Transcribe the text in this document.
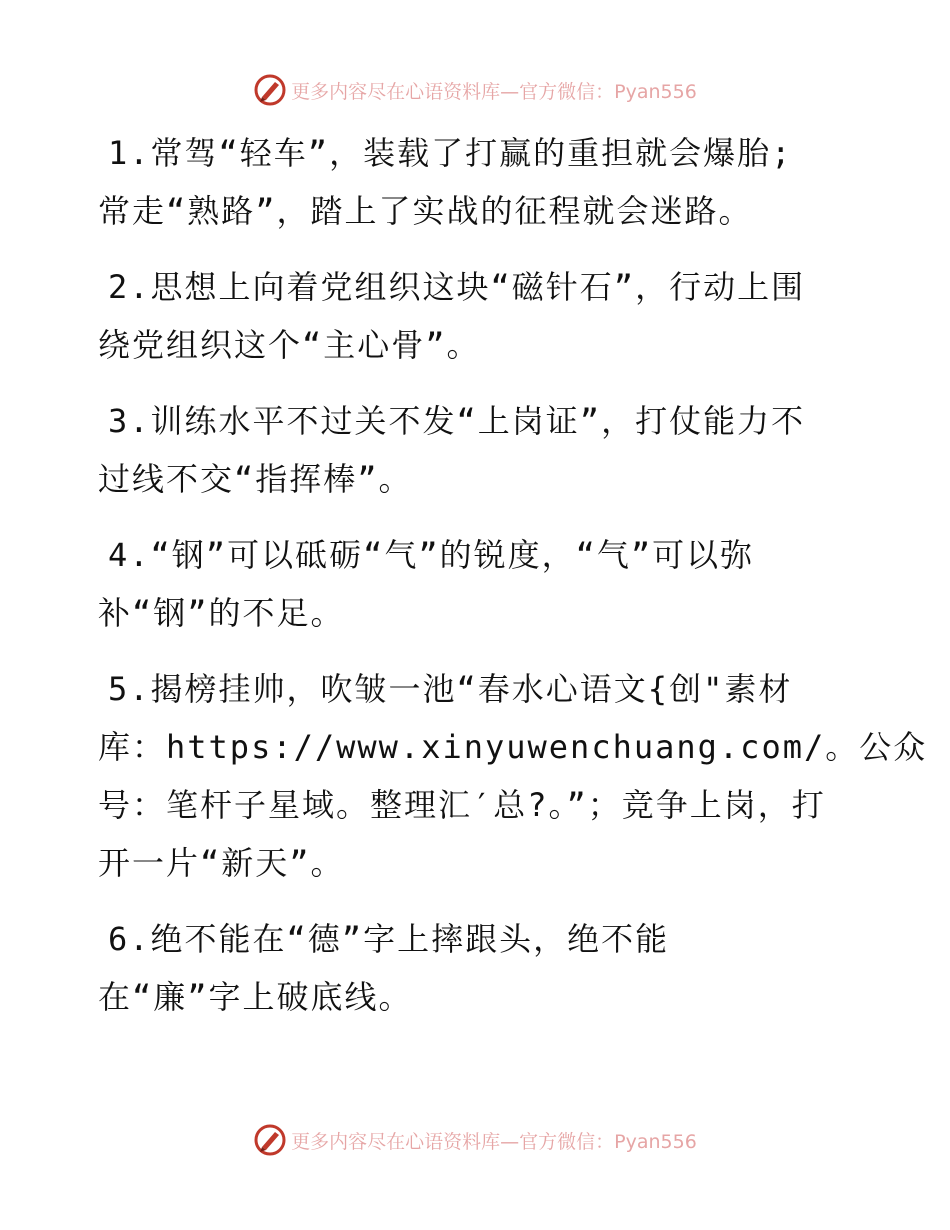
更多内容尽在心语资料库—官方微信：Pyan556
1.常驾“轻车”，装载了打赢的重担就会爆胎;
常走“熟路”，踏上了实战的征程就会迷路。
2.思想上向着党组织这块“磁针石”，行动上围
绕党组织这个“主心骨”。
3.训练水平不过关不发“上岗证”，打仗能力不
过线不交“指挥棒”。
4.“钢”可以砥砺“气”的锐度，“气”可以弥
补“钢”的不足。
5.揭榜挂帅，吹皱一池“春水心语文{创"素材
库：https://www.xinyuwenchuang.com/。公众
号：笔杆子星域。整理汇′总?。”；竞争上岗，打
开一片“新天”。
6.绝不能在“德”字上摔跟头，绝不能
在“廉”字上破底线。
更多内容尽在心语资料库—官方微信：Pyan556
